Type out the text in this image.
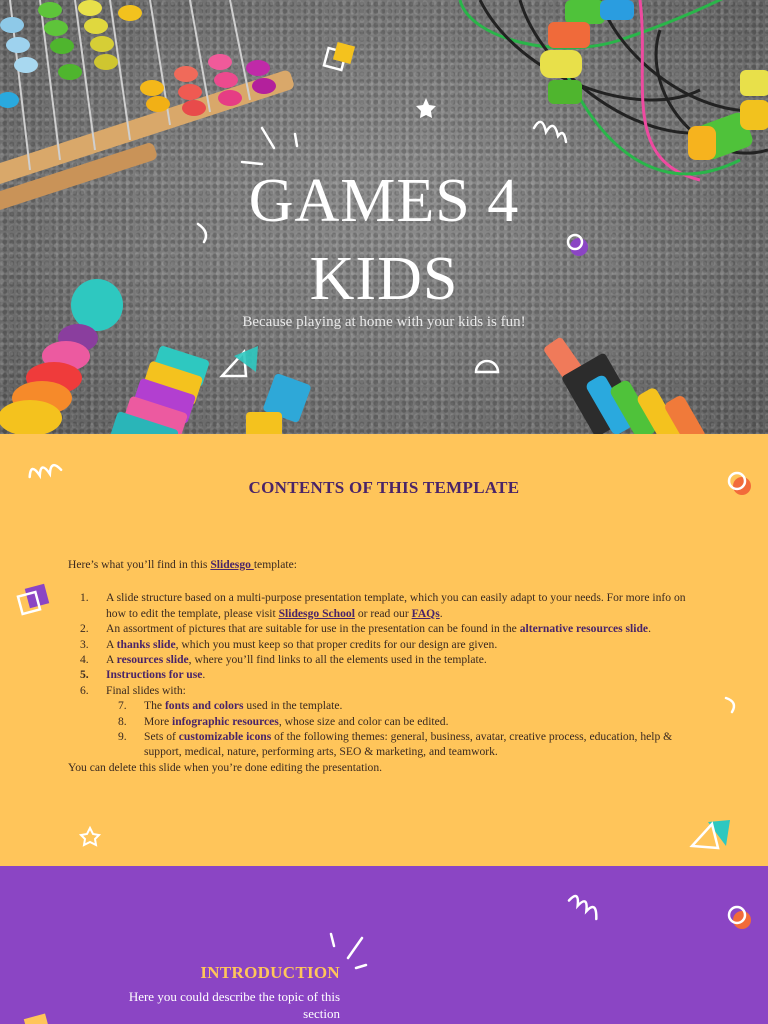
GAMES 4
KIDS

Because playing at home with your kids is fun!

CONTENTS OF THIS TEMPLATE

Here’s what you’ll find in this Slidesgo template:

1. A slide structure based on a multi-purpose presentation template, which you can easily adapt to your needs. For more info on how to edit the template, please visit Slidesgo School or read our FAQs.

2. An assortment of pictures that are suitable for use in the presentation can be found in the alternative resources slide.

3. A thanks slide, which you must keep so that proper credits for our design are given.

4. A resources slide, where you’ll find links to all the elements used in the template.

5. Instructions for use.

6. Final slides with:

7. The fonts and colors used in the template.

8. More infographic resources, whose size and color can be edited.

9. Sets of customizable icons of the following themes: general, business, avatar, creative process, education, help & support, medical, nature, performing arts, SEO & marketing, and teamwork.

You can delete this slide when you’re done editing the presentation.

INTRODUCTION

Here you could describe the topic of this section
